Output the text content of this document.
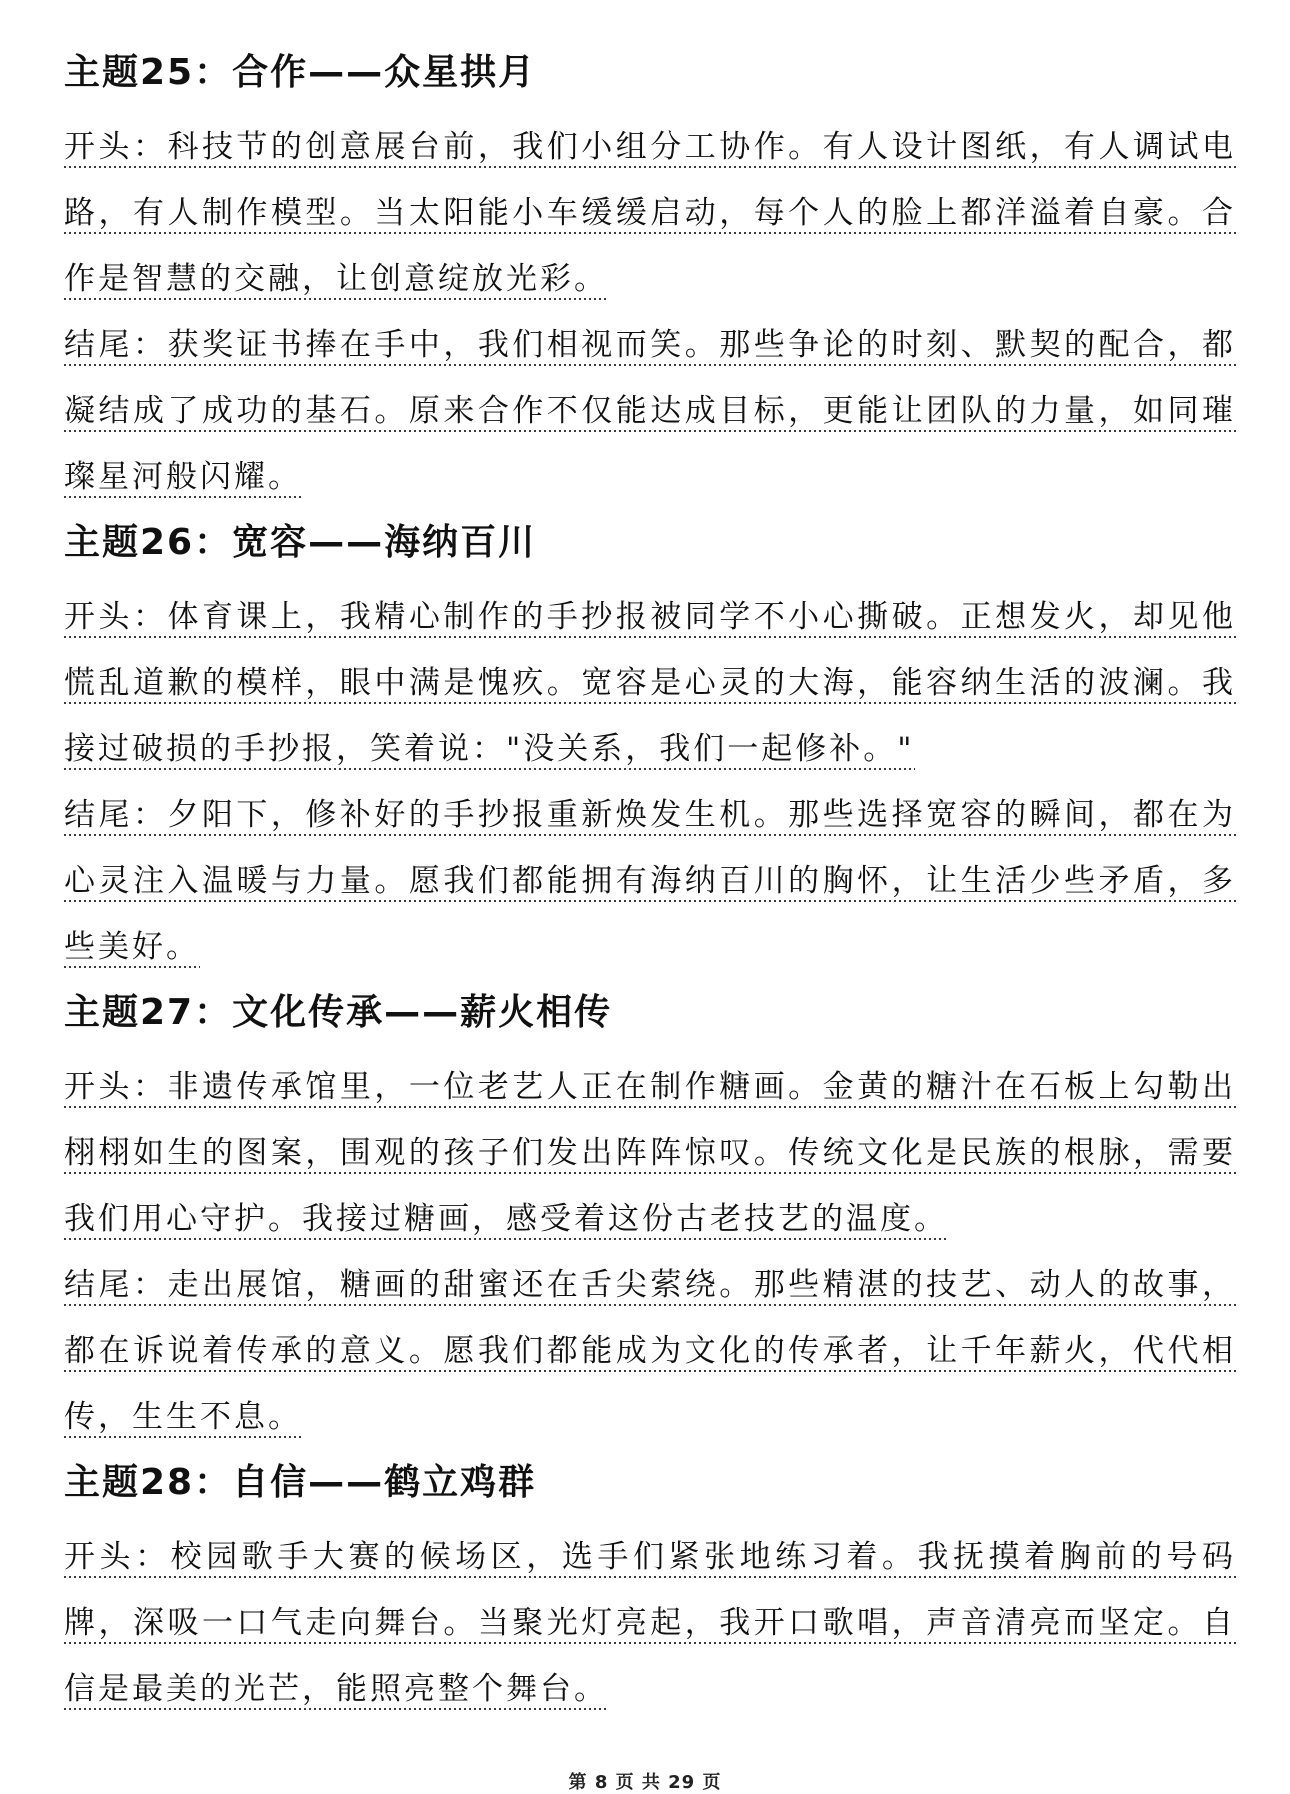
主题25：合作——众星拱月

开头：科技节的创意展台前，我们小组分工协作。有人设计图纸，有人调试电路，有人制作模型。当太阳能小车缓缓启动，每个人的脸上都洋溢着自豪。合作是智慧的交融，让创意绽放光彩。

结尾：获奖证书捧在手中，我们相视而笑。那些争论的时刻、默契的配合，都凝结成了成功的基石。原来合作不仅能达成目标，更能让团队的力量，如同璀璨星河般闪耀。

主题26：宽容——海纳百川

开头：体育课上，我精心制作的手抄报被同学不小心撕破。正想发火，却见他慌乱道歉的模样，眼中满是愧疚。宽容是心灵的大海，能容纳生活的波澜。我接过破损的手抄报，笑着说："没关系，我们一起修补。"

结尾：夕阳下，修补好的手抄报重新焕发生机。那些选择宽容的瞬间，都在为心灵注入温暖与力量。愿我们都能拥有海纳百川的胸怀，让生活少些矛盾，多些美好。

主题27：文化传承——薪火相传

开头：非遗传承馆里，一位老艺人正在制作糖画。金黄的糖汁在石板上勾勒出栩栩如生的图案，围观的孩子们发出阵阵惊叹。传统文化是民族的根脉，需要我们用心守护。我接过糖画，感受着这份古老技艺的温度。

结尾：走出展馆，糖画的甜蜜还在舌尖萦绕。那些精湛的技艺、动人的故事，都在诉说着传承的意义。愿我们都能成为文化的传承者，让千年薪火，代代相传，生生不息。

主题28：自信——鹤立鸡群

开头：校园歌手大赛的候场区，选手们紧张地练习着。我抚摸着胸前的号码牌，深吸一口气走向舞台。当聚光灯亮起，我开口歌唱，声音清亮而坚定。自信是最美的光芒，能照亮整个舞台。

第 8 页 共 29 页
